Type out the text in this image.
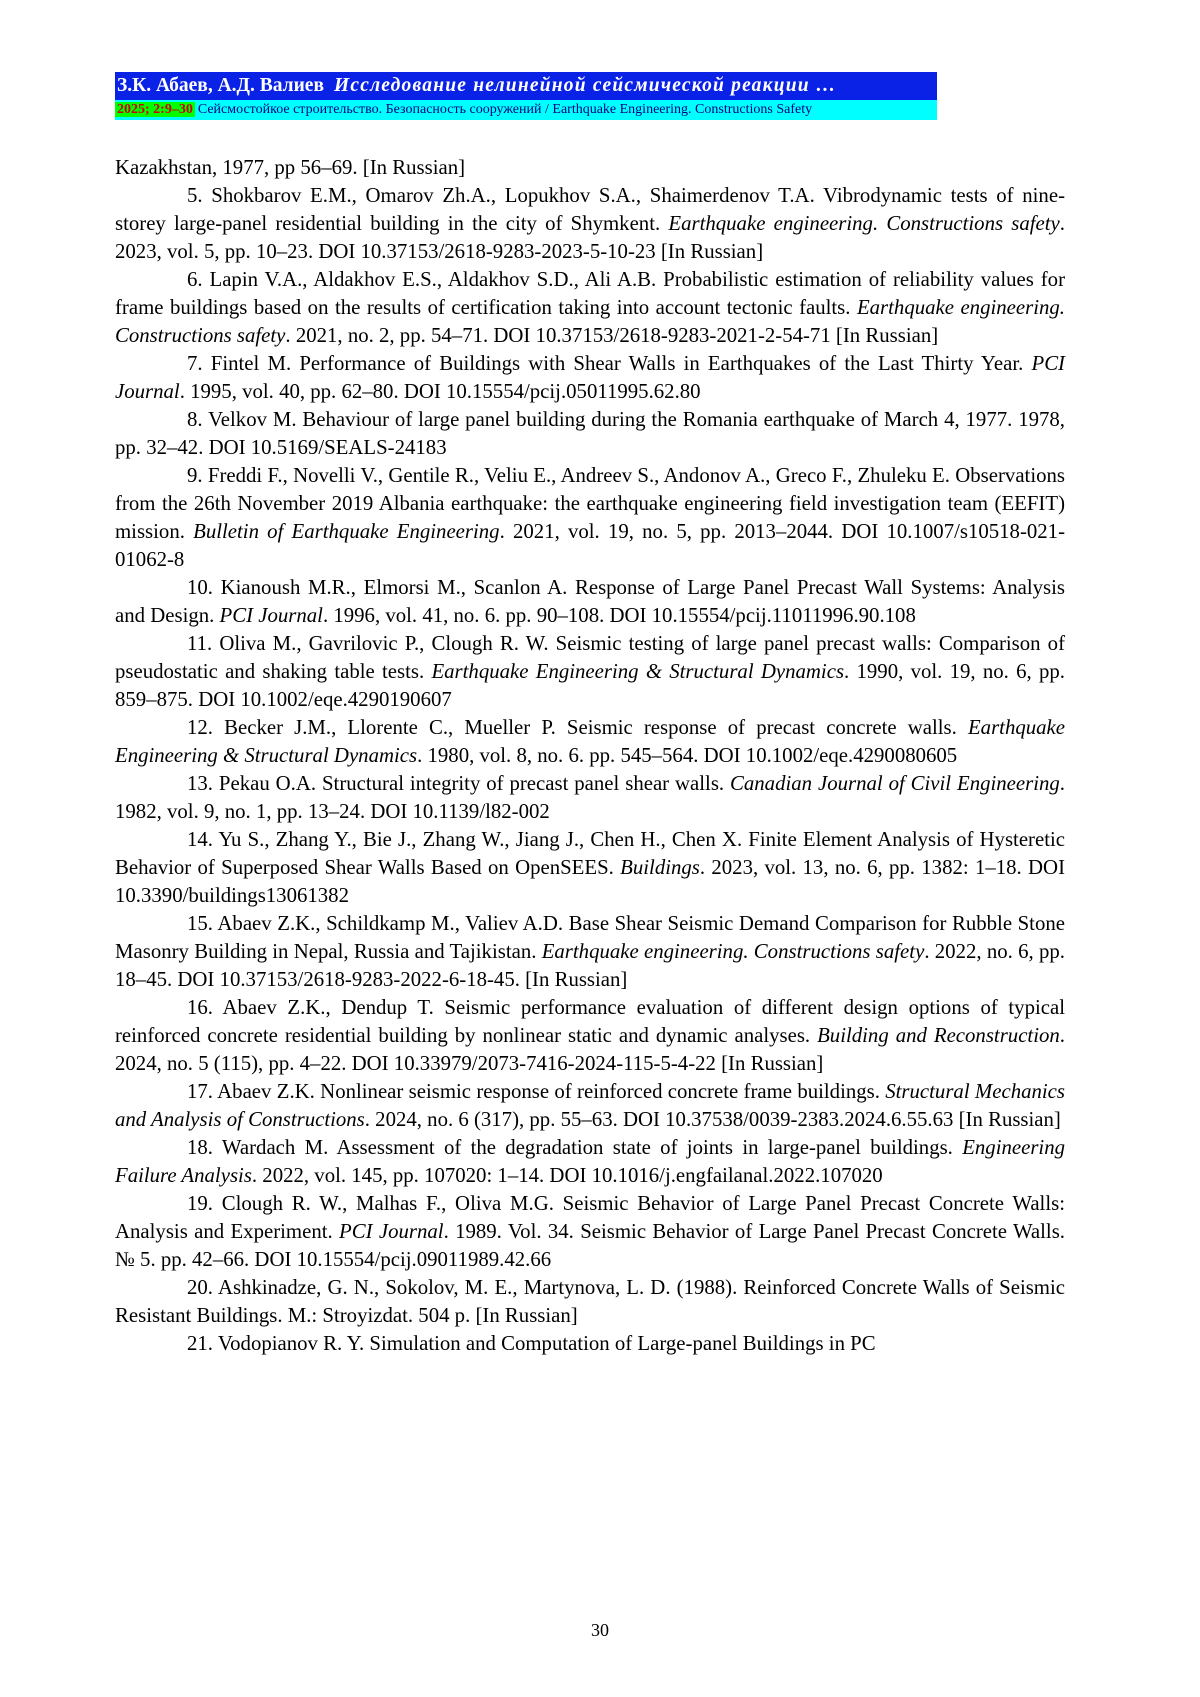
З.К. Абаев, А.Д. Валиев Исследование нелинейной сейсмической реакции …
2025; 2:9–30 Сейсмостойкое строительство. Безопасность сооружений / Earthquake Engineering. Constructions Safety

Kazakhstan, 1977, pp 56–69. [In Russian]

5. Shokbarov E.M., Omarov Zh.A., Lopukhov S.A., Shaimerdenov T.A. Vibrodynamic tests of nine-storey large-panel residential building in the city of Shymkent. Earthquake engineering. Constructions safety. 2023, vol. 5, pp. 10–23. DOI 10.37153/2618-9283-2023-5-10-23 [In Russian]

6. Lapin V.A., Aldakhov E.S., Aldakhov S.D., Ali A.B. Probabilistic estimation of reliability values for frame buildings based on the results of certification taking into account tectonic faults. Earthquake engineering. Constructions safety. 2021, no. 2, pp. 54–71. DOI 10.37153/2618-9283-2021-2-54-71 [In Russian]

7. Fintel M. Performance of Buildings with Shear Walls in Earthquakes of the Last Thirty Year. PCI Journal. 1995, vol. 40, pp. 62–80. DOI 10.15554/pcij.05011995.62.80

8. Velkov M. Behaviour of large panel building during the Romania earthquake of March 4, 1977. 1978, pp. 32–42. DOI 10.5169/SEALS-24183

9. Freddi F., Novelli V., Gentile R., Veliu E., Andreev S., Andonov A., Greco F., Zhuleku E. Observations from the 26th November 2019 Albania earthquake: the earthquake engineering field investigation team (EEFIT) mission. Bulletin of Earthquake Engineering. 2021, vol. 19, no. 5, pp. 2013–2044. DOI 10.1007/s10518-021-01062-8

10. Kianoush M.R., Elmorsi M., Scanlon A. Response of Large Panel Precast Wall Systems: Analysis and Design. PCI Journal. 1996, vol. 41, no. 6. pp. 90–108. DOI 10.15554/pcij.11011996.90.108

11. Oliva M., Gavrilovic P., Clough R. W. Seismic testing of large panel precast walls: Comparison of pseudostatic and shaking table tests. Earthquake Engineering & Structural Dynamics. 1990, vol. 19, no. 6, pp. 859–875. DOI 10.1002/eqe.4290190607

12. Becker J.M., Llorente C., Mueller P. Seismic response of precast concrete walls. Earthquake Engineering & Structural Dynamics. 1980, vol. 8, no. 6. pp. 545–564. DOI 10.1002/eqe.4290080605

13. Pekau O.A. Structural integrity of precast panel shear walls. Canadian Journal of Civil Engineering. 1982, vol. 9, no. 1, pp. 13–24. DOI 10.1139/l82-002

14. Yu S., Zhang Y., Bie J., Zhang W., Jiang J., Chen H., Chen X. Finite Element Analysis of Hysteretic Behavior of Superposed Shear Walls Based on OpenSEES. Buildings. 2023, vol. 13, no. 6, pp. 1382: 1–18. DOI 10.3390/buildings13061382

15. Abaev Z.K., Schildkamp M., Valiev A.D. Base Shear Seismic Demand Comparison for Rubble Stone Masonry Building in Nepal, Russia and Tajikistan. Earthquake engineering. Constructions safety. 2022, no. 6, pp. 18–45. DOI 10.37153/2618-9283-2022-6-18-45. [In Russian]

16. Abaev Z.K., Dendup T. Seismic performance evaluation of different design options of typical reinforced concrete residential building by nonlinear static and dynamic analyses. Building and Reconstruction. 2024, no. 5 (115), pp. 4–22. DOI 10.33979/2073-7416-2024-115-5-4-22 [In Russian]

17. Abaev Z.K. Nonlinear seismic response of reinforced concrete frame buildings. Structural Mechanics and Analysis of Constructions. 2024, no. 6 (317), pp. 55–63. DOI 10.37538/0039-2383.2024.6.55.63 [In Russian]

18. Wardach M. Assessment of the degradation state of joints in large-panel buildings. Engineering Failure Analysis. 2022, vol. 145, pp. 107020: 1–14. DOI 10.1016/j.engfailanal.2022.107020

19. Clough R. W., Malhas F., Oliva M.G. Seismic Behavior of Large Panel Precast Concrete Walls: Analysis and Experiment. PCI Journal. 1989. Vol. 34. Seismic Behavior of Large Panel Precast Concrete Walls. № 5. pp. 42–66. DOI 10.15554/pcij.09011989.42.66

20. Ashkinadze, G. N., Sokolov, M. E., Martynova, L. D. (1988). Reinforced Concrete Walls of Seismic Resistant Buildings. M.: Stroyizdat. 504 p. [In Russian]

21. Vodopianov R. Y. Simulation and Computation of Large-panel Buildings in PC

30
